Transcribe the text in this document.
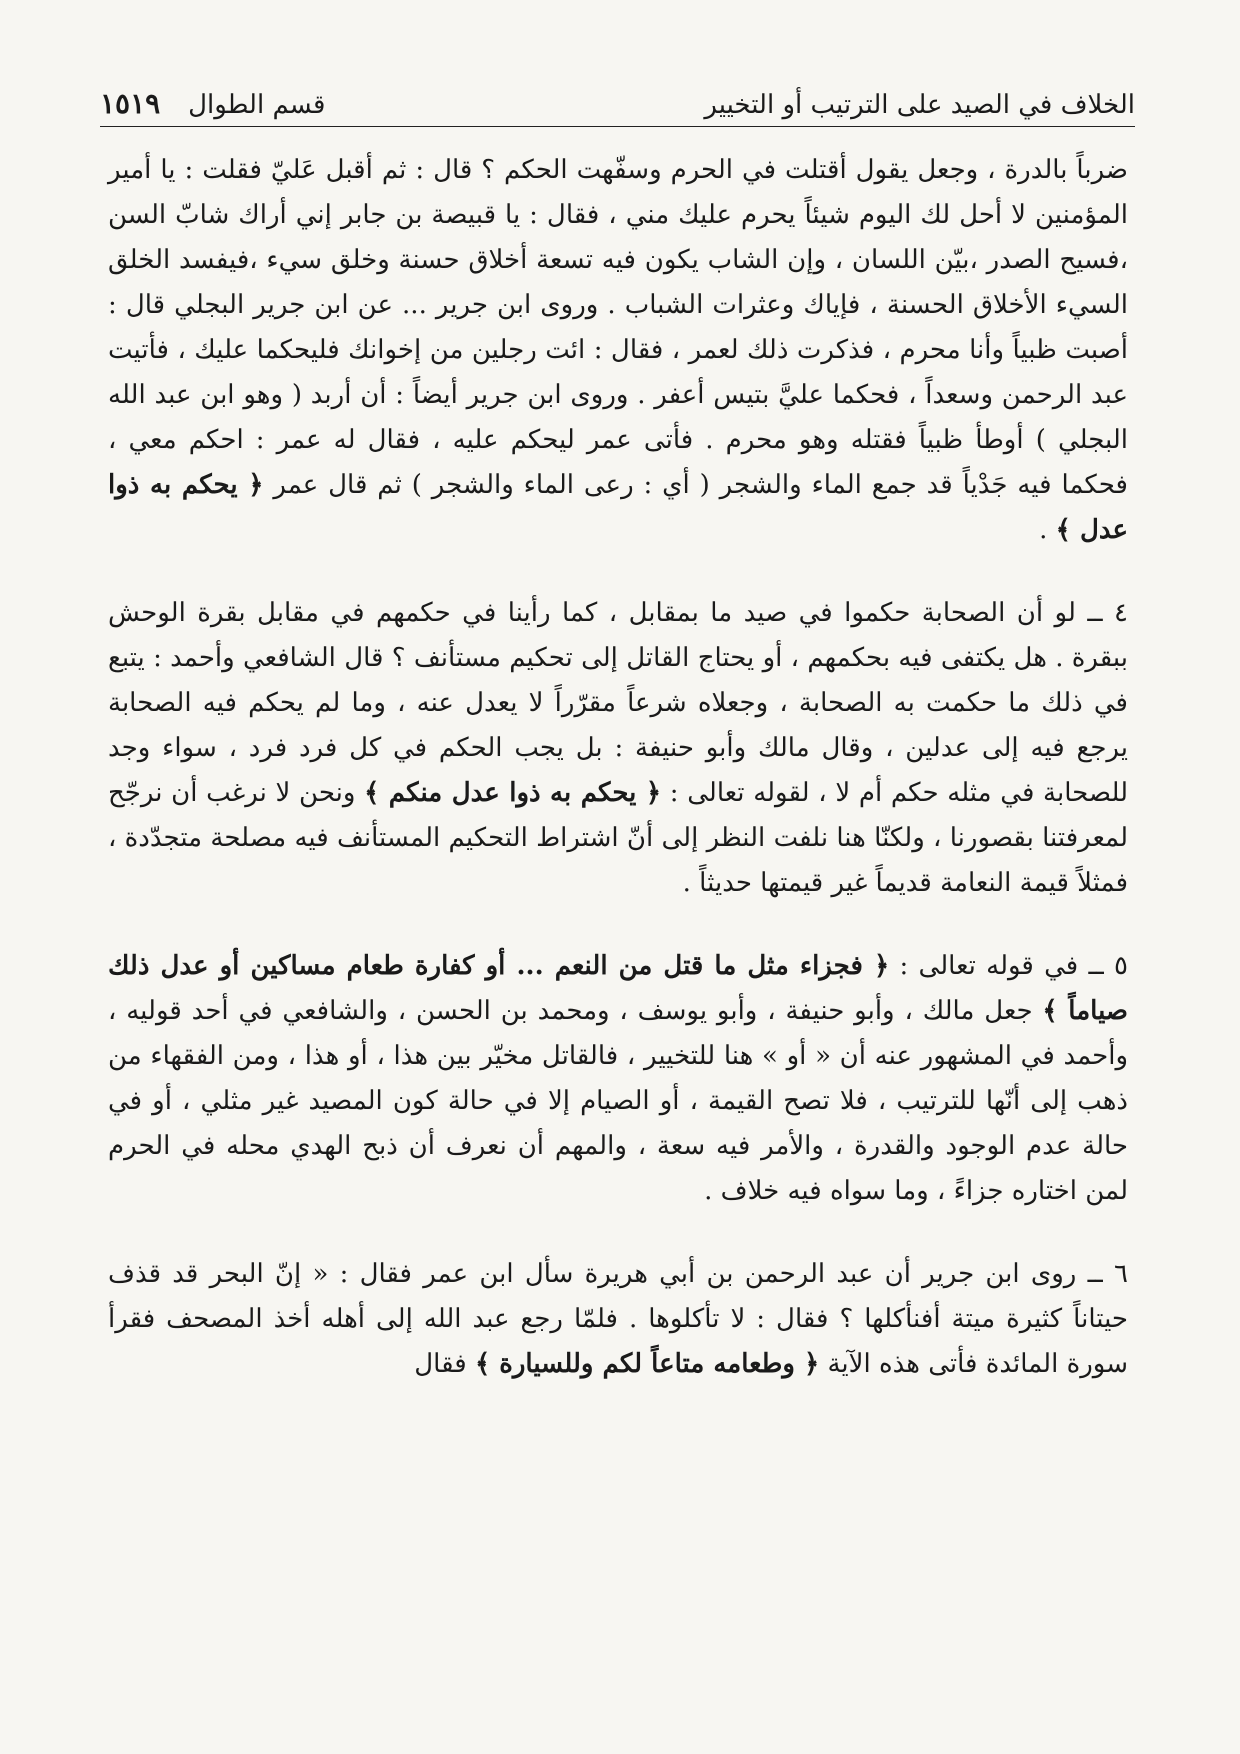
الخلاف في الصيد على الترتيب أو التخيير
قسم الطوال
١٥١٩

ضرباً بالدرة ، وجعل يقول أقتلت في الحرم وسفّهت الحكم ؟ قال : ثم أقبل عَليّ فقلت : يا أمير المؤمنين لا أحل لك اليوم شيئاً يحرم عليك مني ، فقال : يا قبيصة بن جابر إني أراك شابّ السن ،فسيح الصدر ،بيّن اللسان ، وإن الشاب يكون فيه تسعة أخلاق حسنة وخلق سيء ،فيفسد الخلق السيء الأخلاق الحسنة ، فإياك وعثرات الشباب . وروى ابن جرير ... عن ابن جرير البجلي قال : أصبت ظبياً وأنا محرم ، فذكرت ذلك لعمر ، فقال : ائت رجلين من إخوانك فليحكما عليك ، فأتيت عبد الرحمن وسعداً ، فحكما عليَّ بتيس أعفر . وروى ابن جرير أيضاً : أن أربد ( وهو ابن عبد الله البجلي ) أوطأ ظبياً فقتله وهو محرم . فأتى عمر ليحكم عليه ، فقال له عمر : احكم معي ، فحكما فيه جَدْياً قد جمع الماء والشجر ( أي : رعى الماء والشجر ) ثم قال عمر ﴿ يحكم به ذوا عدل ﴾ .

٤ ــ لو أن الصحابة حكموا في صيد ما بمقابل ، كما رأينا في حكمهم في مقابل بقرة الوحش ببقرة . هل يكتفى فيه بحكمهم ، أو يحتاج القاتل إلى تحكيم مستأنف ؟ قال الشافعي وأحمد : يتبع في ذلك ما حكمت به الصحابة ، وجعلاه شرعاً مقرّراً لا يعدل عنه ، وما لم يحكم فيه الصحابة يرجع فيه إلى عدلين ، وقال مالك وأبو حنيفة : بل يجب الحكم في كل فرد فرد ، سواء وجد للصحابة في مثله حكم أم لا ، لقوله تعالى : ﴿ يحكم به ذوا عدل منكم ﴾ ونحن لا نرغب أن نرجّح لمعرفتنا بقصورنا ، ولكنّا هنا نلفت النظر إلى أنّ اشتراط التحكيم المستأنف فيه مصلحة متجدّدة ، فمثلاً قيمة النعامة قديماً غير قيمتها حديثاً .

٥ ــ في قوله تعالى : ﴿ فجزاء مثل ما قتل من النعم ... أو كفارة طعام مساكين أو عدل ذلك صياماً ﴾ جعل مالك ، وأبو حنيفة ، وأبو يوسف ، ومحمد بن الحسن ، والشافعي في أحد قوليه ، وأحمد في المشهور عنه أن « أو » هنا للتخيير ، فالقاتل مخيّر بين هذا ، أو هذا ، ومن الفقهاء من ذهب إلى أنّها للترتيب ، فلا تصح القيمة ، أو الصيام إلا في حالة كون المصيد غير مثلي ، أو في حالة عدم الوجود والقدرة ، والأمر فيه سعة ، والمهم أن نعرف أن ذبح الهدي محله في الحرم لمن اختاره جزاءً ، وما سواه فيه خلاف .

٦ ــ روى ابن جرير أن عبد الرحمن بن أبي هريرة سأل ابن عمر فقال : « إنّ البحر قد قذف حيتاناً كثيرة ميتة أفنأكلها ؟ فقال : لا تأكلوها . فلمّا رجع عبد الله إلى أهله أخذ المصحف فقرأ سورة المائدة فأتى هذه الآية ﴿ وطعامه متاعاً لكم وللسيارة ﴾ فقال
